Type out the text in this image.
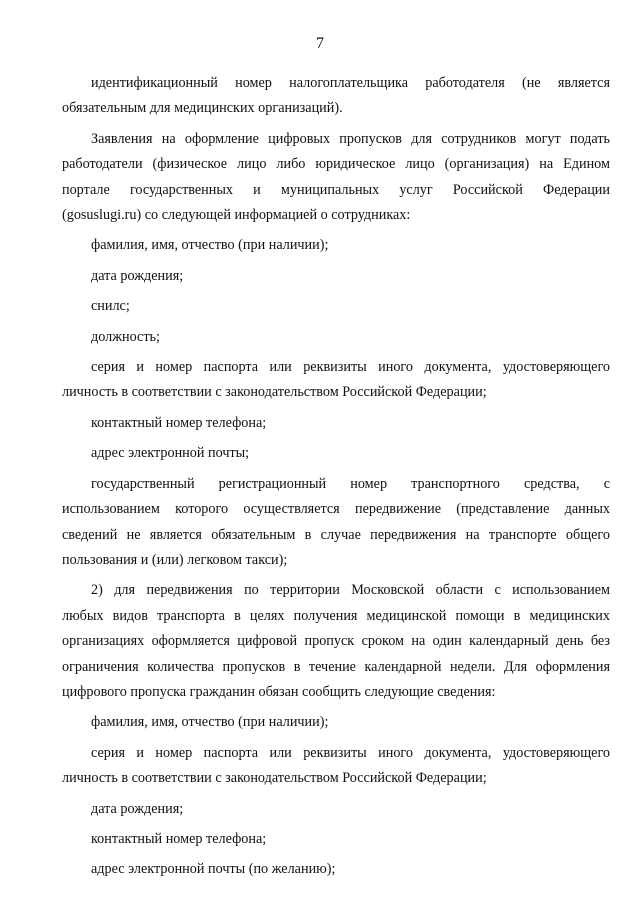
7

идентификационный номер налогоплательщика работодателя (не является

обязательным для медицинских организаций).

Заявления на оформление цифровых пропусков для сотрудников могут подать

работодатели (физическое лицо либо юридическое лицо (организация) на Едином

портале государственных и муниципальных услуг Российской Федерации

(gosuslugi.ru) со следующей информацией о сотрудниках:

фамилия, имя, отчество (при наличии);

дата рождения;

снилс;

должность;

серия и номер паспорта или реквизиты иного документа, удостоверяющего

личность в соответствии с законодательством Российской Федерации;

контактный номер телефона;

адрес электронной почты;

государственный регистрационный номер транспортного средства, с

использованием которого осуществляется передвижение (представление данных

сведений не является обязательным в случае передвижения на транспорте общего

пользования и (или) легковом такси);

2) для передвижения по территории Московской области с использованием

любых видов транспорта в целях получения медицинской помощи в медицинских

организациях оформляется цифровой пропуск сроком на один календарный день без

ограничения количества пропусков в течение календарной недели. Для оформления

цифрового пропуска гражданин обязан сообщить следующие сведения:

фамилия, имя, отчество (при наличии);

серия и номер паспорта или реквизиты иного документа, удостоверяющего

личность в соответствии с законодательством Российской Федерации;

дата рождения;

контактный номер телефона;

адрес электронной почты (по желанию);
